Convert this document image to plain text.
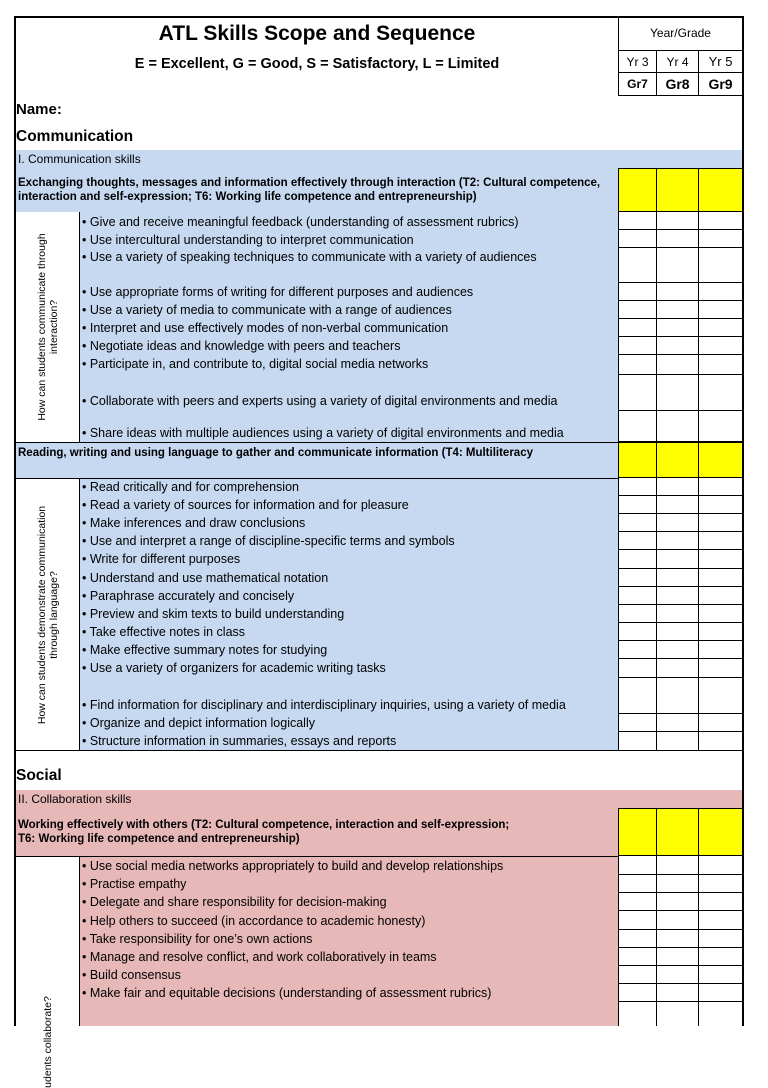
ATL Skills Scope and Sequence
E = Excellent, G = Good, S = Satisfactory, L = Limited
Year/Grade
Yr 3	Yr 4	Yr 5
Gr7	Gr8	Gr9
Name:
Communication
I. Communication skills
Exchanging thoughts, messages and information effectively through interaction (T2: Cultural competence, interaction and self-expression; T6: Working life competence and entrepreneurship)
How can students communicate through interaction?
• Give and receive meaningful feedback (understanding of assessment rubrics)
• Use intercultural understanding to interpret communication
• Use a variety of speaking techniques to communicate with a variety of audiences
• Use appropriate forms of writing for different purposes and audiences
• Use a variety of media to communicate with a range of audiences
• Interpret and use effectively modes of non-verbal communication
• Negotiate ideas and knowledge with peers and teachers
• Participate in, and contribute to, digital social media networks
• Collaborate with peers and experts using a variety of digital environments and media
• Share ideas with multiple audiences using a variety of digital environments and media
Reading, writing and using language to gather and communicate information (T4: Multiliteracy
How can students demonstrate communication through language?
• Read critically and for comprehension
• Read a variety of sources for information and for pleasure
• Make inferences and draw conclusions
• Use and interpret a range of discipline-specific terms and symbols
• Write for different purposes
• Understand and use mathematical notation
• Paraphrase accurately and concisely
• Preview and skim texts to build understanding
• Take effective notes in class
• Make effective summary notes for studying
• Use a variety of organizers for academic writing tasks
• Find information for disciplinary and interdisciplinary inquiries, using a variety of media
• Organize and depict information logically
• Structure information in summaries, essays and reports
Social
II. Collaboration skills
Working effectively with others (T2: Cultural competence, interaction and self-expression;
T6: Working life competence and entrepreneurship)
udents collaborate?
• Use social media networks appropriately to build and develop relationships
• Practise empathy
• Delegate and share responsibility for decision-making
• Help others to succeed (in accordance to academic honesty)
• Take responsibility for one’s own actions
• Manage and resolve conflict, and work collaboratively in teams
• Build consensus
• Make fair and equitable decisions (understanding of assessment rubrics)
